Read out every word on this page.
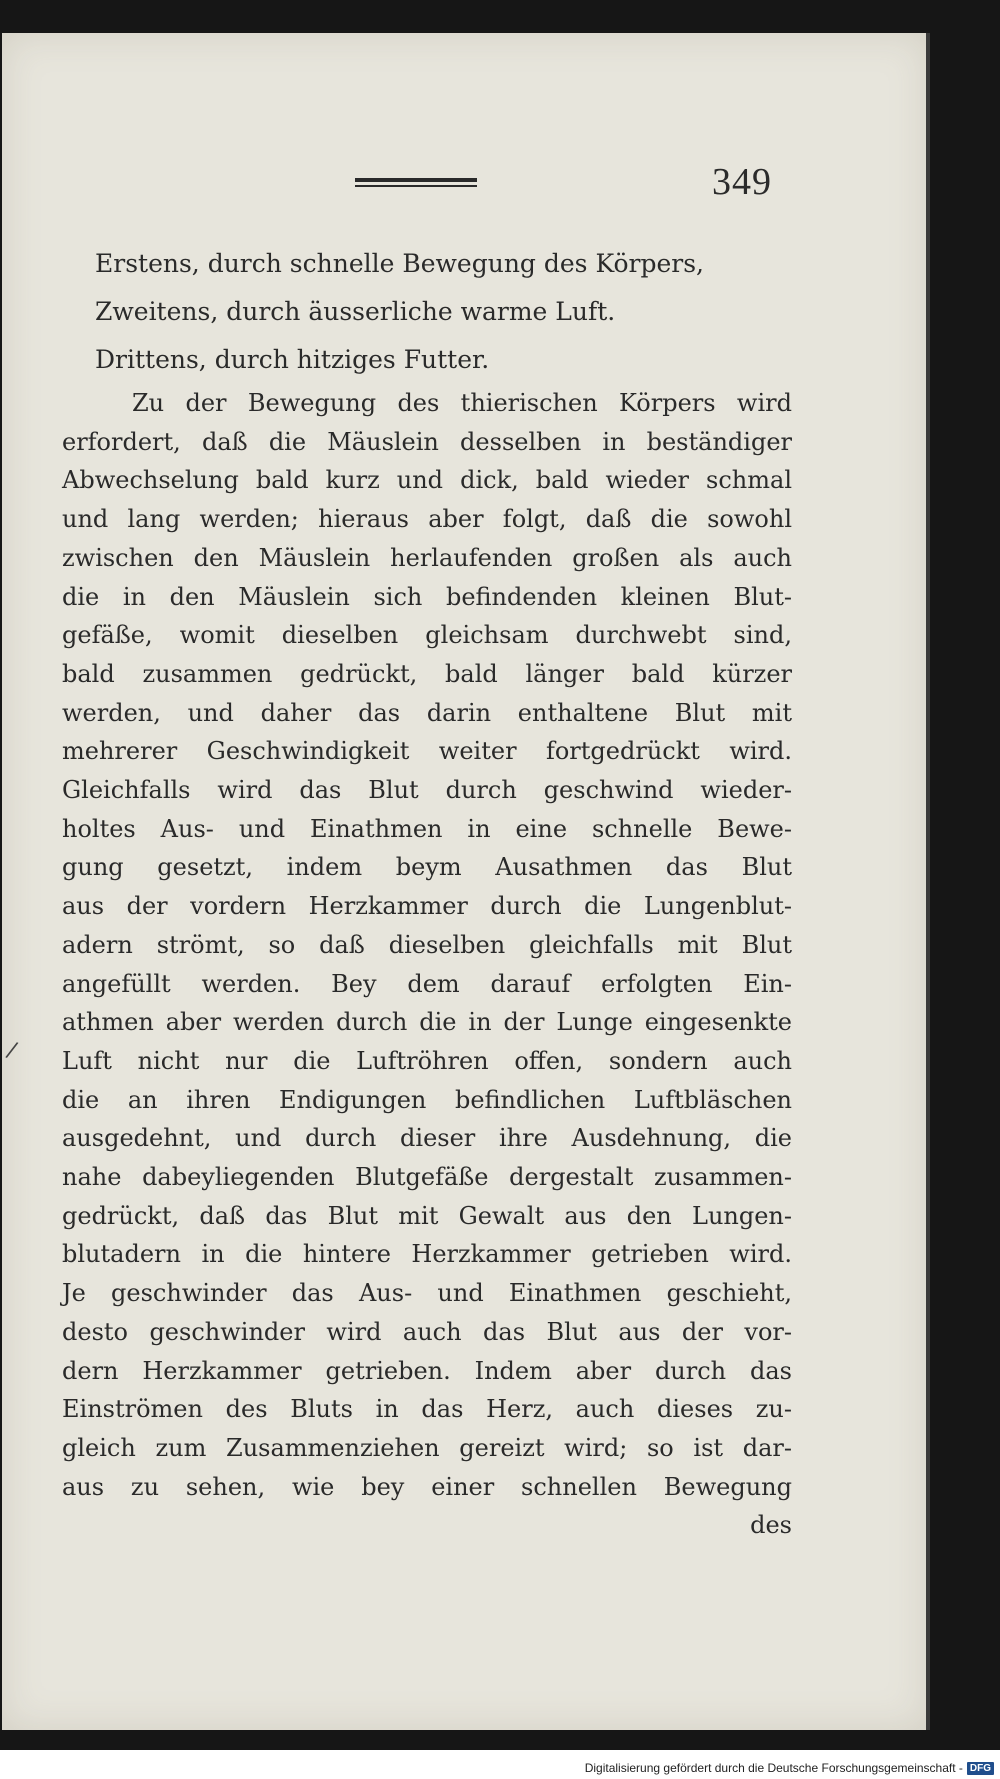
349
Erstens, durch schnelle Bewegung des Körpers,
Zweitens, durch äusserliche warme Luft.
Drittens, durch hitziges Futter.
Zu der Bewegung des thierischen Körpers wird
erfordert, daß die Mäuslein desselben in beständiger
Abwechselung bald kurz und dick, bald wieder schmal
und lang werden; hieraus aber folgt, daß die sowohl
zwischen den Mäuslein herlaufenden großen als auch
die in den Mäuslein sich befindenden kleinen Blut-
gefäße, womit dieselben gleichsam durchwebt sind,
bald zusammen gedrückt, bald länger bald kürzer
werden, und daher das darin enthaltene Blut mit
mehrerer Geschwindigkeit weiter fortgedrückt wird.
Gleichfalls wird das Blut durch geschwind wieder-
holtes Aus- und Einathmen in eine schnelle Bewe-
gung gesetzt, indem beym Ausathmen das Blut
aus der vordern Herzkammer durch die Lungenblut-
adern strömt, so daß dieselben gleichfalls mit Blut
angefüllt werden. Bey dem darauf erfolgten Ein-
athmen aber werden durch die in der Lunge eingesenkte
Luft nicht nur die Luftröhren offen, sondern auch
die an ihren Endigungen befindlichen Luftbläschen
ausgedehnt, und durch dieser ihre Ausdehnung, die
nahe dabeyliegenden Blutgefäße dergestalt zusammen-
gedrückt, daß das Blut mit Gewalt aus den Lungen-
blutadern in die hintere Herzkammer getrieben wird.
Je geschwinder das Aus- und Einathmen geschieht,
desto geschwinder wird auch das Blut aus der vor-
dern Herzkammer getrieben. Indem aber durch das
Einströmen des Bluts in das Herz, auch dieses zu-
gleich zum Zusammenziehen gereizt wird; so ist dar-
aus zu sehen, wie bey einer schnellen Bewegung
des
/
Digitalisierung gefördert durch die Deutsche Forschungsgemeinschaft - DFG
